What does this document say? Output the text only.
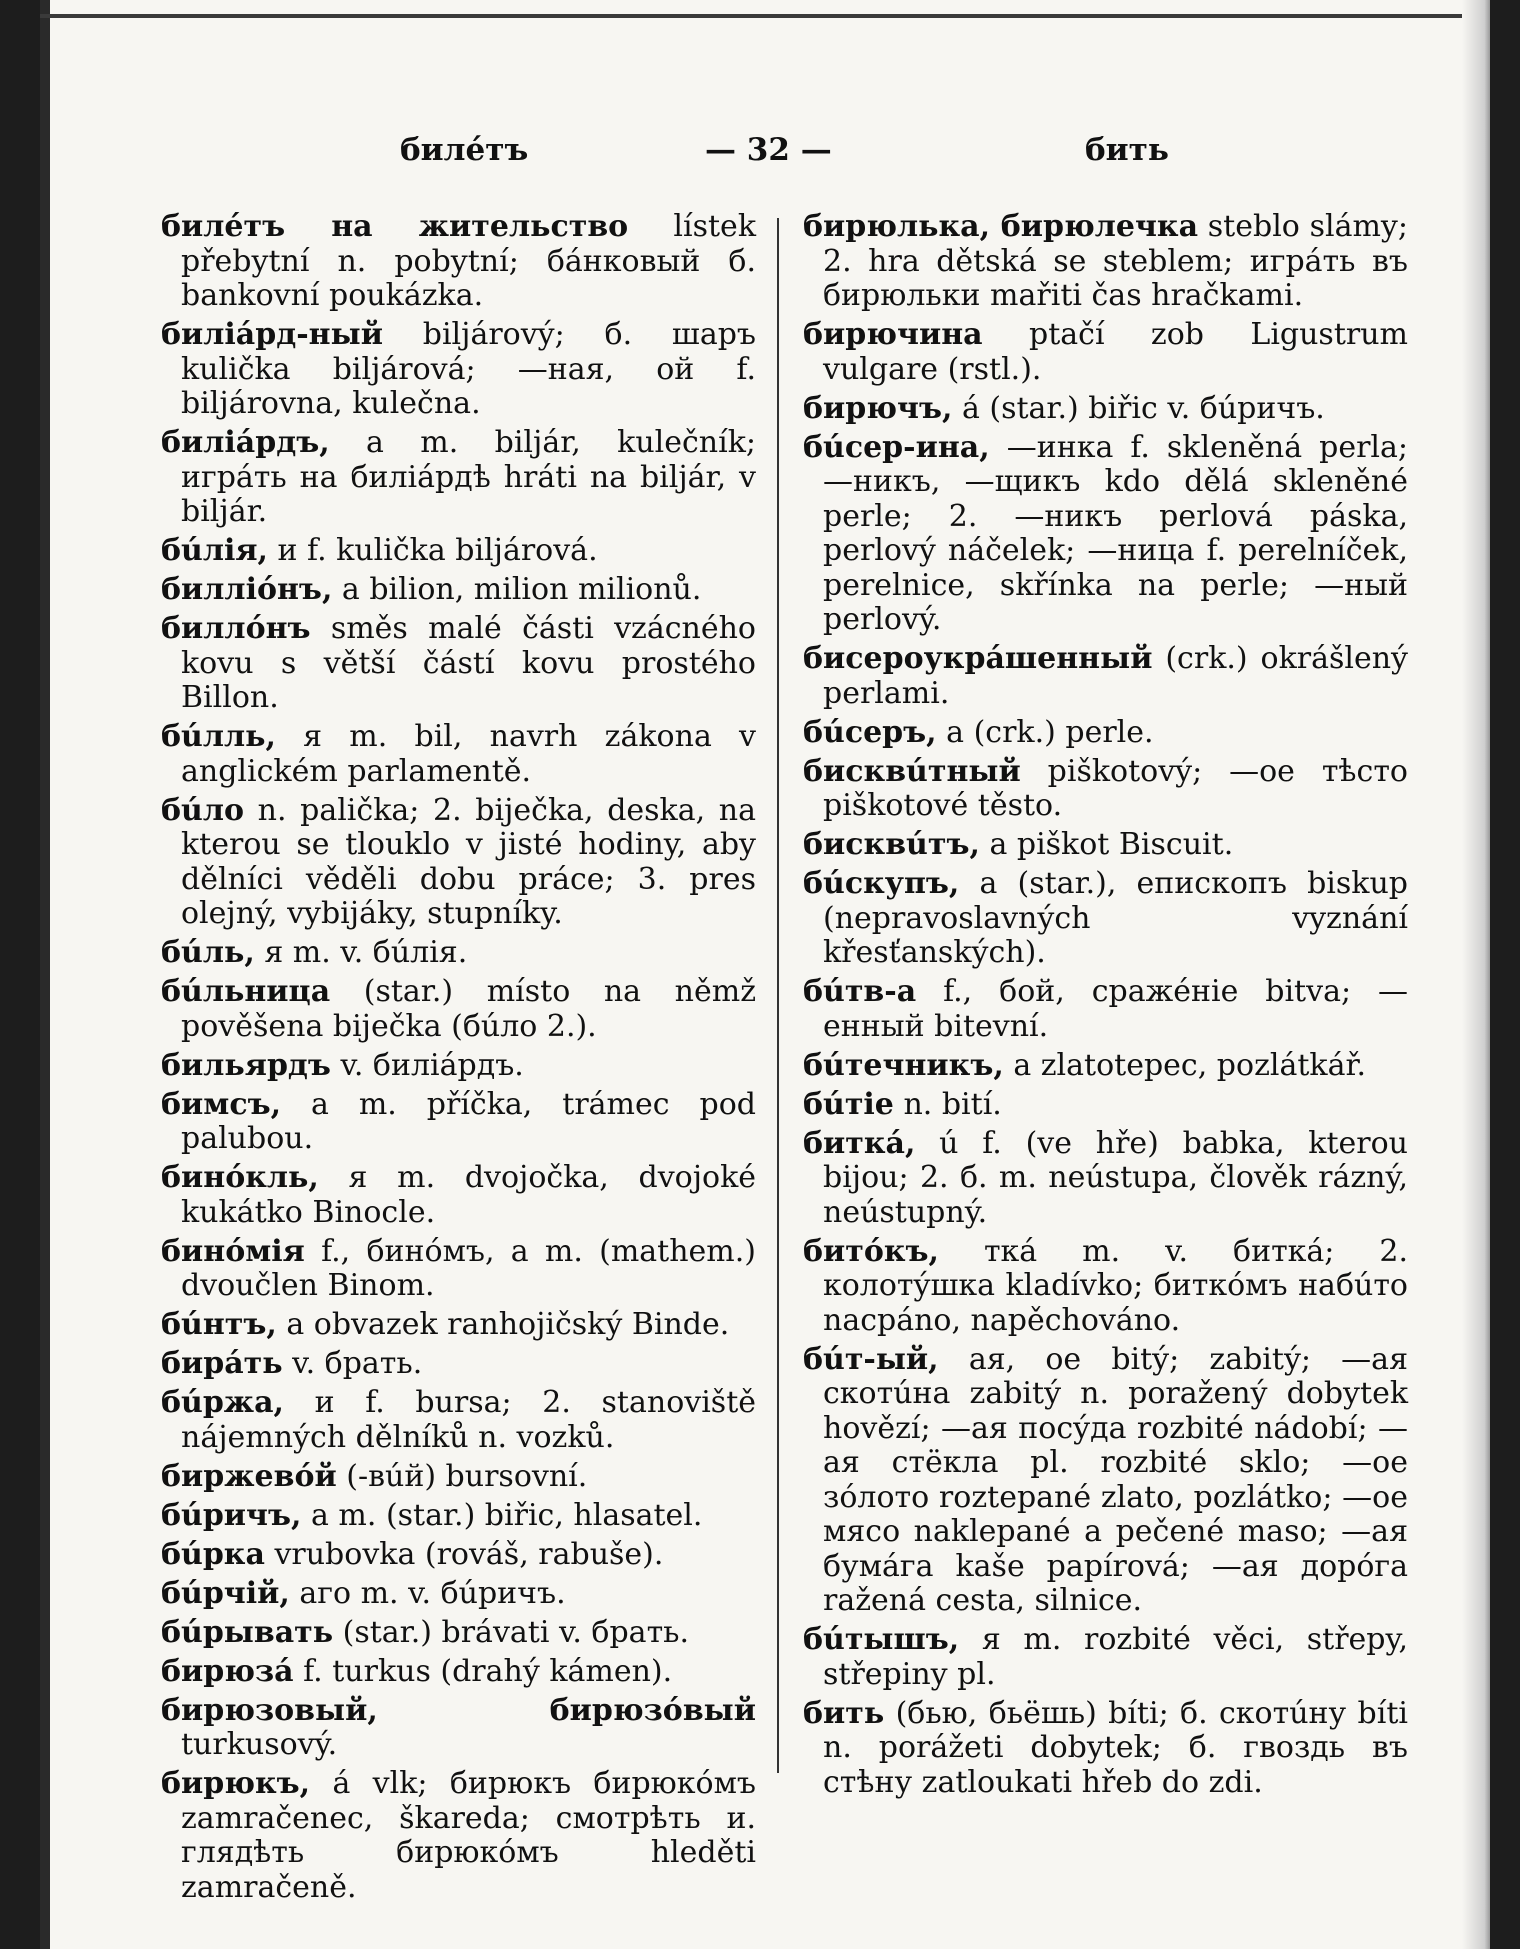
билéтъ	— 32 —	бить

билéтъ на жительство lístek přebytní n. pobytní; бáнковый б. bankovní poukázka.

биліáрд-ный biljárový; б. шаръ kulička biljárová; —ная, ой f. biljárovna, kulečna.

биліáрдъ, a m. biljár, kulečník; игрáть на биліáрдѣ hráti na biljár, v biljár.

бúлія, и f. kulička biljárová.

билліóнъ, a bilion, milion milionů.

биллóнъ směs malé části vzácného kovu s větší částí kovu prostého Billon.

бúлль, я m. bil, navrh zákona v anglickém parlamentě.

бúло n. palička; 2. biječka, deska, na kterou se tlouklo v jisté hodiny, aby dělníci věděli dobu práce; 3. pres olejný, vybijáky, stupníky.

бúль, я m. v. бúлія.

бúльница (star.) místo na němž pověšena biječka (бúло 2.).

бильярдъ v. биліáрдъ.

бимсъ, a m. příčka, trámec pod palubou.

бинóкль, я m. dvojočka, dvojoké kukátko Binocle.

бинóмія f., бинóмъ, а m. (mathem.) dvoučlen Binom.

бúнтъ, a obvazek ranhojičský Binde.

бирáть v. брать.

бúржа, и f. bursa; 2. stanoviště nájemných dělníků n. vozků.

биржевóй (-вúй) bursovní.

бúричъ, a m. (star.) biřic, hlasatel.

бúрка vrubovka (rováš, rabuše).

бúрчій, аго m. v. бúричъ.

бúрывать (star.) brávati v. брать.

бирюзá f. turkus (drahý kámen).

бирюзовый, бирюзóвый turkusový.

бирюкъ, á vlk; бирюкъ бирюкóмъ zamračenec, škareda; смотрѣть и. глядѣть бирюкóмъ hleděti zamračeně.

бирюлька, бирюлечка steblo slámy; 2. hra dětská se steblem; игрáть въ бирюльки mařiti čas hračkami.

бирючина ptačí zob Ligustrum vulgare (rstl.).

бирючъ, á (star.) biřic v. бúричъ.

бúсер-ина, —инка f. skleněná perla; —никъ, —щикъ kdo dělá skleněné perle; 2. —никъ perlová páska, perlový náčelek; —ница f. perelníček, perelnice, skřínka na perle; —ный perlový.

бисероукрáшенный (crk.) okrášlený perlami.

бúсеръ, a (crk.) perle.

бисквúтный piškotový; —ое тѣсто piškotové těsto.

бисквúтъ, a piškot Biscuit.

бúскупъ, a (star.), епископъ biskup (nepravoslavných vyznání křesťanských).

бúтв-а f., бой, сражéніе bitva; —енный bitevní.

бúтечникъ, a zlatotepec, pozlátkář.

бúтіе n. bití.

биткá, ú f. (ve hře) babka, kterou bijou; 2. б. m. neústupa, člověk rázný, neústupný.

битóкъ, ткá m. v. биткá; 2. колотýшка kladívko; биткóмъ набúто nacpáno, napěchováno.

бúт-ый, ая, ое bitý; zabitý; —ая скотúна zabitý n. poražený dobytek hovězí; —ая посýда rozbité nádobí; —ая стёкла pl. rozbité sklo; —ое зóлото roztepané zlato, pozlátko; —ое мясо naklepané a pečené maso; —ая бумáга kaše papírová; —ая дорóга ražená cesta, silnice.

бúтышъ, я m. rozbité věci, střepy, střepiny pl.

бить (бью, бьёшь) bíti; б. скотúну bíti n. porážeti dobytek; б. гвоздь въ стѣну zatloukati hřeb do zdi.
